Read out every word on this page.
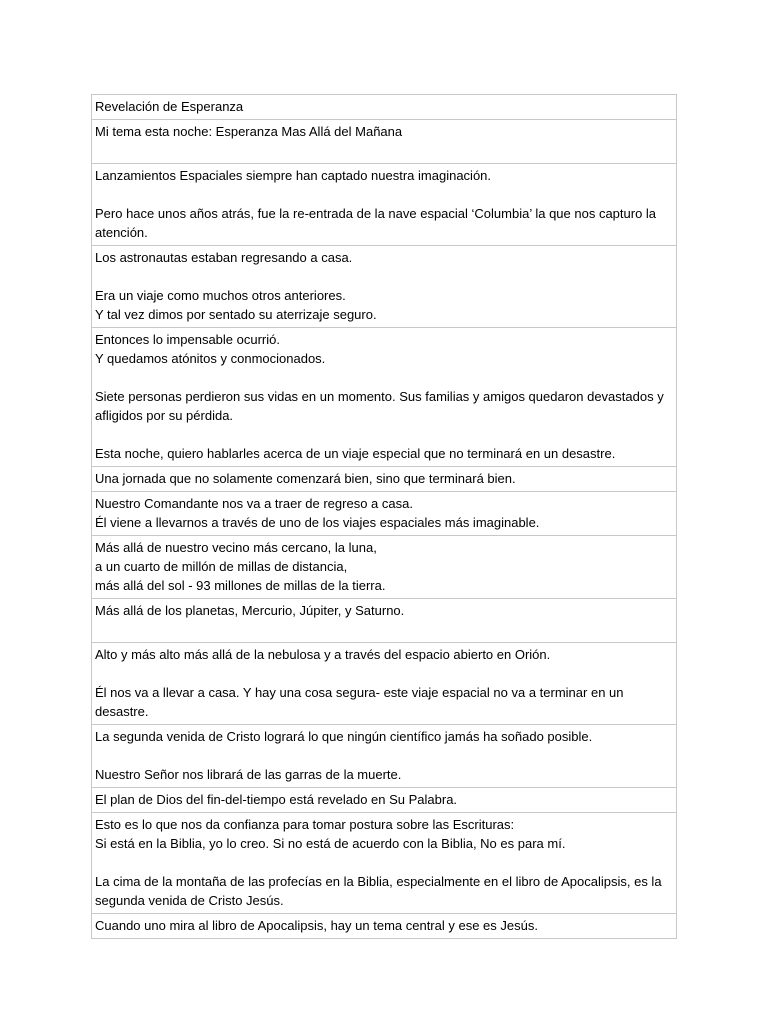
Revelación de Esperanza

Mi tema esta noche: Esperanza Mas Allá del Mañana

Lanzamientos Espaciales siempre han captado nuestra imaginación.
Pero hace unos años atrás, fue la re-entrada de la nave espacial ‘Columbia’ la que nos capturo la atención.

Los astronautas estaban regresando a casa.
Era un viaje como muchos otros anteriores.
Y tal vez dimos por sentado su aterrizaje seguro.

Entonces lo impensable ocurrió.
Y quedamos atónitos y conmocionados.
Siete personas perdieron sus vidas en un momento. Sus familias y amigos quedaron devastados y afligidos por su pérdida.
Esta noche, quiero hablarles acerca de un viaje especial que no terminará en un desastre.

Una jornada que no solamente comenzará bien, sino que terminará bien.

Nuestro Comandante nos va a traer de regreso a casa.
Él viene a llevarnos a través de uno de los viajes espaciales más imaginable.

Más allá de nuestro vecino más cercano, la luna,
a un cuarto de millón de millas de distancia,
más allá del sol - 93 millones de millas de la tierra.

Más allá de los planetas, Mercurio, Júpiter, y Saturno.

Alto y más alto más allá de la nebulosa y a través del espacio abierto en Orión.
Él nos va a llevar a casa. Y hay una cosa segura- este viaje espacial no va a terminar en un desastre.

La segunda venida de Cristo logrará lo que ningún científico jamás ha soñado posible.
Nuestro Señor nos librará de las garras de la muerte.

El plan de Dios del fin-del-tiempo está revelado en Su Palabra.

Esto es lo que nos da confianza para tomar postura sobre las Escrituras:
Si está en la Biblia, yo lo creo. Si no está de acuerdo con la Biblia, No es para mí.
La cima de la montaña de las profecías en la Biblia, especialmente en el libro de Apocalipsis, es la segunda venida de Cristo Jesús.

Cuando uno mira al libro de Apocalipsis, hay un tema central y ese es Jesús.
